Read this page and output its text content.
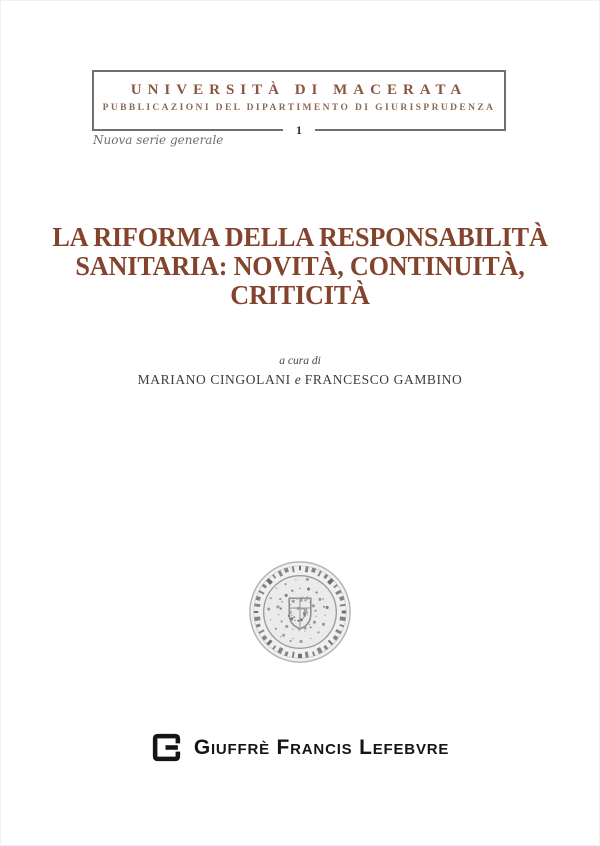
UNIVERSITÀ DI MACERATA
PUBBLICAZIONI DEL DIPARTIMENTO DI GIURISPRUDENZA
1
Nuova serie generale
LA RIFORMA DELLA RESPONSABILITÀ
SANITARIA: NOVITÀ, CONTINUITÀ,
CRITICITÀ
a cura di
MARIANO CINGOLANI e FRANCESCO GAMBINO
Giuffrè Francis Lefebvre
